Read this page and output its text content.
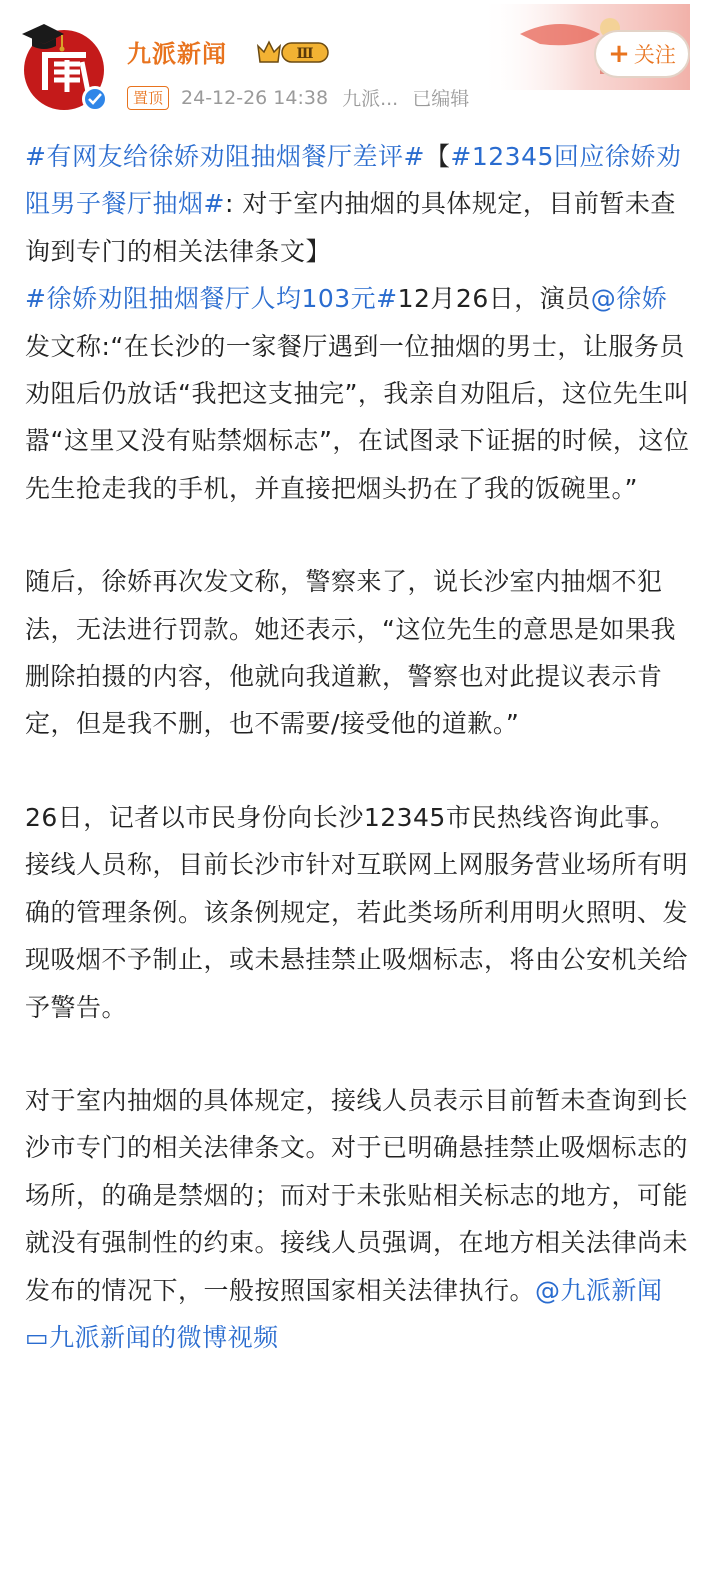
九派新闻	Ⅲ
置顶 24-12-26 14:38 九派... 已编辑
+ 关注

#有网友给徐娇劝阻抽烟餐厅差评#【#12345回应徐娇劝阻男子餐厅抽烟#: 对于室内抽烟的具体规定，目前暂未查询到专门的相关法律条文】
#徐娇劝阻抽烟餐厅人均103元#12月26日，演员@徐娇 发文称:“在长沙的一家餐厅遇到一位抽烟的男士，让服务员劝阻后仍放话“我把这支抽完”，我亲自劝阻后，这位先生叫嚣“这里又没有贴禁烟标志”，在试图录下证据的时候，这位先生抢走我的手机，并直接把烟头扔在了我的饭碗里。”

随后，徐娇再次发文称，警察来了，说长沙室内抽烟不犯法，无法进行罚款。她还表示，“这位先生的意思是如果我删除拍摄的内容，他就向我道歉，警察也对此提议表示肯定，但是我不删，也不需要/接受他的道歉。”

26日，记者以市民身份向长沙12345市民热线咨询此事。接线人员称，目前长沙市针对互联网上网服务营业场所有明确的管理条例。该条例规定，若此类场所利用明火照明、发现吸烟不予制止，或未悬挂禁止吸烟标志，将由公安机关给予警告。

对于室内抽烟的具体规定，接线人员表示目前暂未查询到长沙市专门的相关法律条文。对于已明确悬挂禁止吸烟标志的场所，的确是禁烟的；而对于未张贴相关标志的地方，可能就没有强制性的约束。接线人员强调，在地方相关法律尚未发布的情况下，一般按照国家相关法律执行。@九派新闻 ▭九派新闻的微博视频
